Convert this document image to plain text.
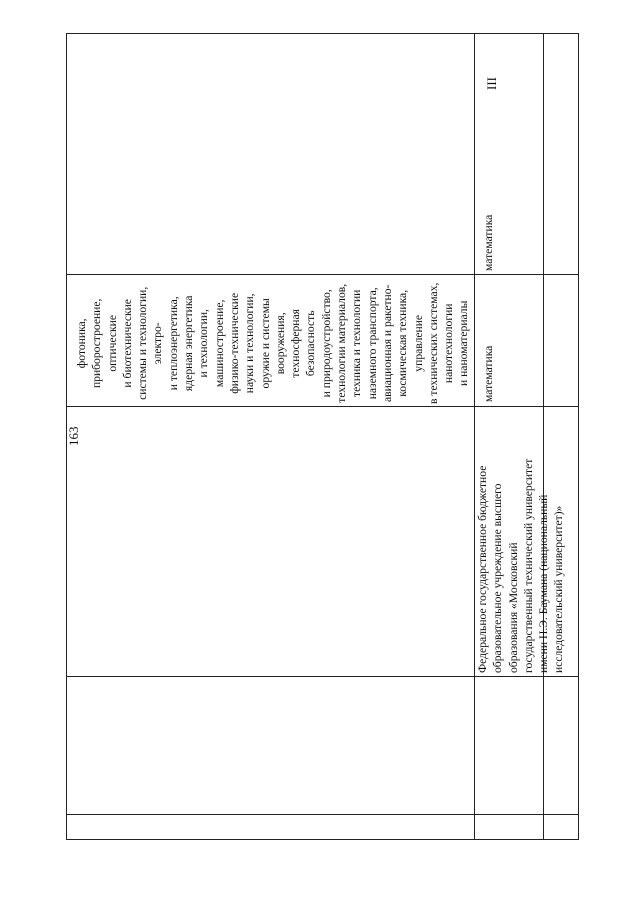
163
Федеральное государственное бюджетное образовательное учреждение высшего образования «Московский государственный технический университет имени Н.Э. Баумана (национальный исследовательский университет)»
математика
фотоника, приборостроение, оптические и биотехнические системы и технологии, электро- и теплоэнергетика, ядерная энергетика и технологии, машиностроение, физико-технические науки и технологии, оружие и системы вооружения, техносферная безопасность и природоустройство, технологии материалов, техника и технологии наземного транспорта, авиационная и ракетно- космическая техника, управление в технических системах, нанотехнологии и наноматериалы
математика
III
